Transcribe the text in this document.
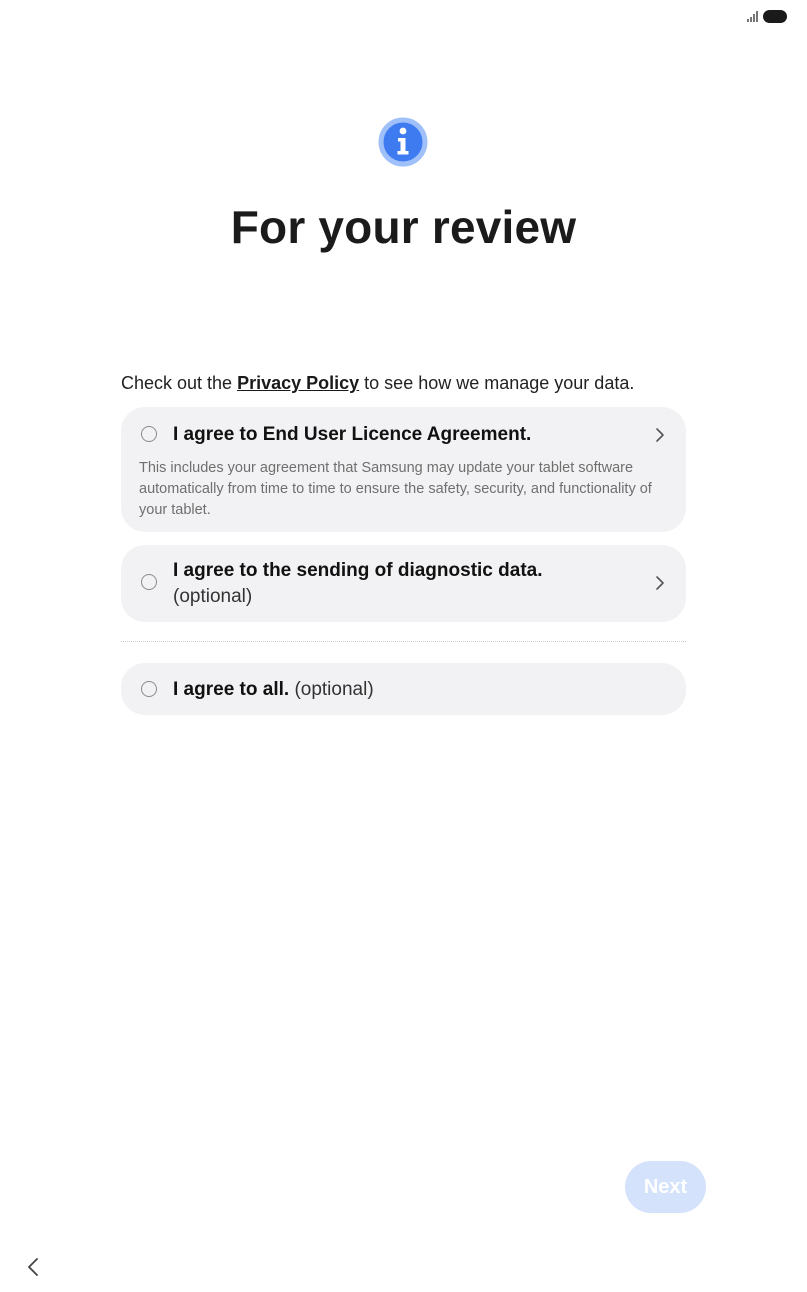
For your review
Check out the Privacy Policy to see how we manage your data.
I agree to End User Licence Agreement.
This includes your agreement that Samsung may update your tablet software automatically from time to time to ensure the safety, security, and functionality of your tablet.
I agree to the sending of diagnostic data.
(optional)
I agree to all. (optional)
Next
